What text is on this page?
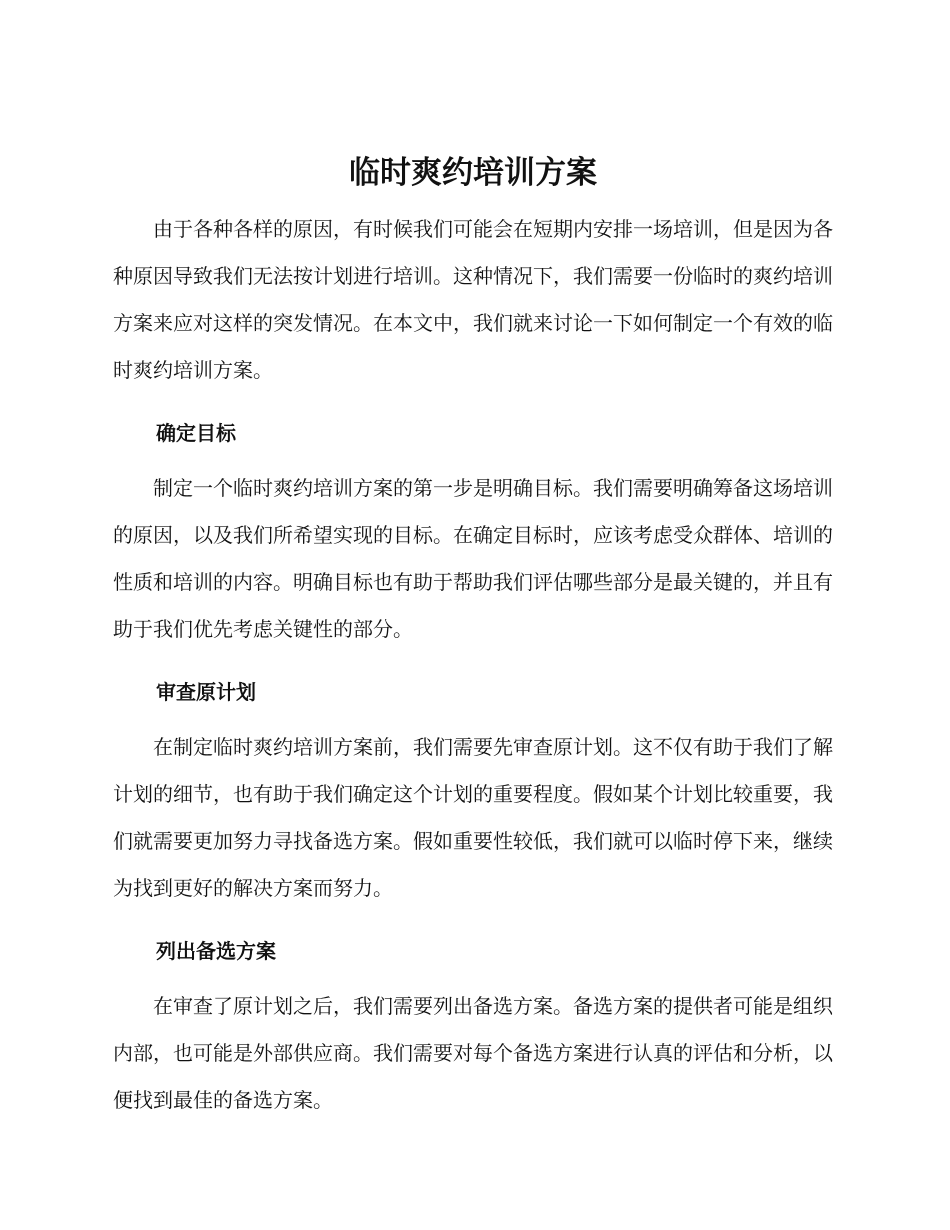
临时爽约培训方案

由于各种各样的原因，有时候我们可能会在短期内安排一场培训，但是因为各种原因导致我们无法按计划进行培训。这种情况下，我们需要一份临时的爽约培训方案来应对这样的突发情况。在本文中，我们就来讨论一下如何制定一个有效的临时爽约培训方案。

确定目标

制定一个临时爽约培训方案的第一步是明确目标。我们需要明确筹备这场培训的原因，以及我们所希望实现的目标。在确定目标时，应该考虑受众群体、培训的性质和培训的内容。明确目标也有助于帮助我们评估哪些部分是最关键的，并且有助于我们优先考虑关键性的部分。

审查原计划

在制定临时爽约培训方案前，我们需要先审查原计划。这不仅有助于我们了解计划的细节，也有助于我们确定这个计划的重要程度。假如某个计划比较重要，我们就需要更加努力寻找备选方案。假如重要性较低，我们就可以临时停下来，继续为找到更好的解决方案而努力。

列出备选方案

在审查了原计划之后，我们需要列出备选方案。备选方案的提供者可能是组织内部，也可能是外部供应商。我们需要对每个备选方案进行认真的评估和分析，以便找到最佳的备选方案。
